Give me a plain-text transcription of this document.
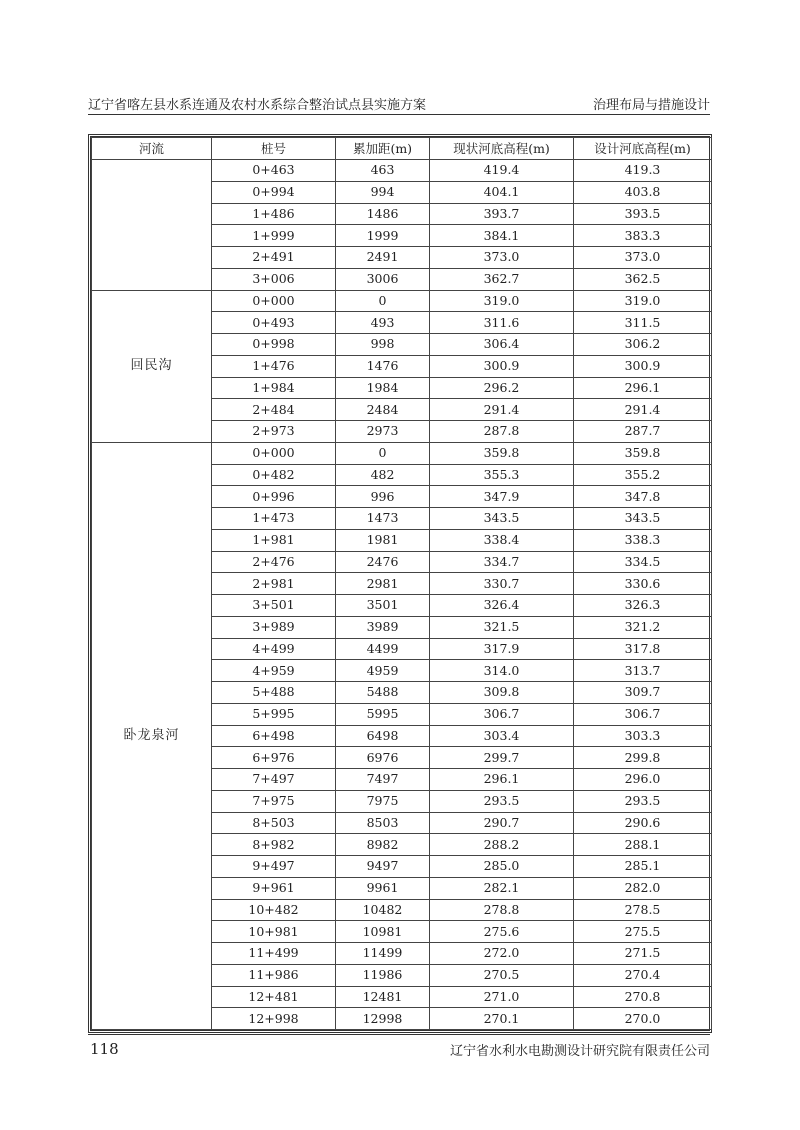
辽宁省喀左县水系连通及农村水系综合整治试点县实施方案	治理布局与措施设计
河流	桩号	累加距(m)	现状河底高程(m)	设计河底高程(m)
	0+463	463	419.4	419.3
	0+994	994	404.1	403.8
	1+486	1486	393.7	393.5
	1+999	1999	384.1	383.3
	2+491	2491	373.0	373.0
	3+006	3006	362.7	362.5
回民沟	0+000	0	319.0	319.0
	0+493	493	311.6	311.5
	0+998	998	306.4	306.2
	1+476	1476	300.9	300.9
	1+984	1984	296.2	296.1
	2+484	2484	291.4	291.4
	2+973	2973	287.8	287.7
卧龙泉河	0+000	0	359.8	359.8
	0+482	482	355.3	355.2
	0+996	996	347.9	347.8
	1+473	1473	343.5	343.5
	1+981	1981	338.4	338.3
	2+476	2476	334.7	334.5
	2+981	2981	330.7	330.6
	3+501	3501	326.4	326.3
	3+989	3989	321.5	321.2
	4+499	4499	317.9	317.8
	4+959	4959	314.0	313.7
	5+488	5488	309.8	309.7
	5+995	5995	306.7	306.7
	6+498	6498	303.4	303.3
	6+976	6976	299.7	299.8
	7+497	7497	296.1	296.0
	7+975	7975	293.5	293.5
	8+503	8503	290.7	290.6
	8+982	8982	288.2	288.1
	9+497	9497	285.0	285.1
	9+961	9961	282.1	282.0
	10+482	10482	278.8	278.5
	10+981	10981	275.6	275.5
	11+499	11499	272.0	271.5
	11+986	11986	270.5	270.4
	12+481	12481	271.0	270.8
	12+998	12998	270.1	270.0
118	辽宁省水利水电勘测设计研究院有限责任公司
